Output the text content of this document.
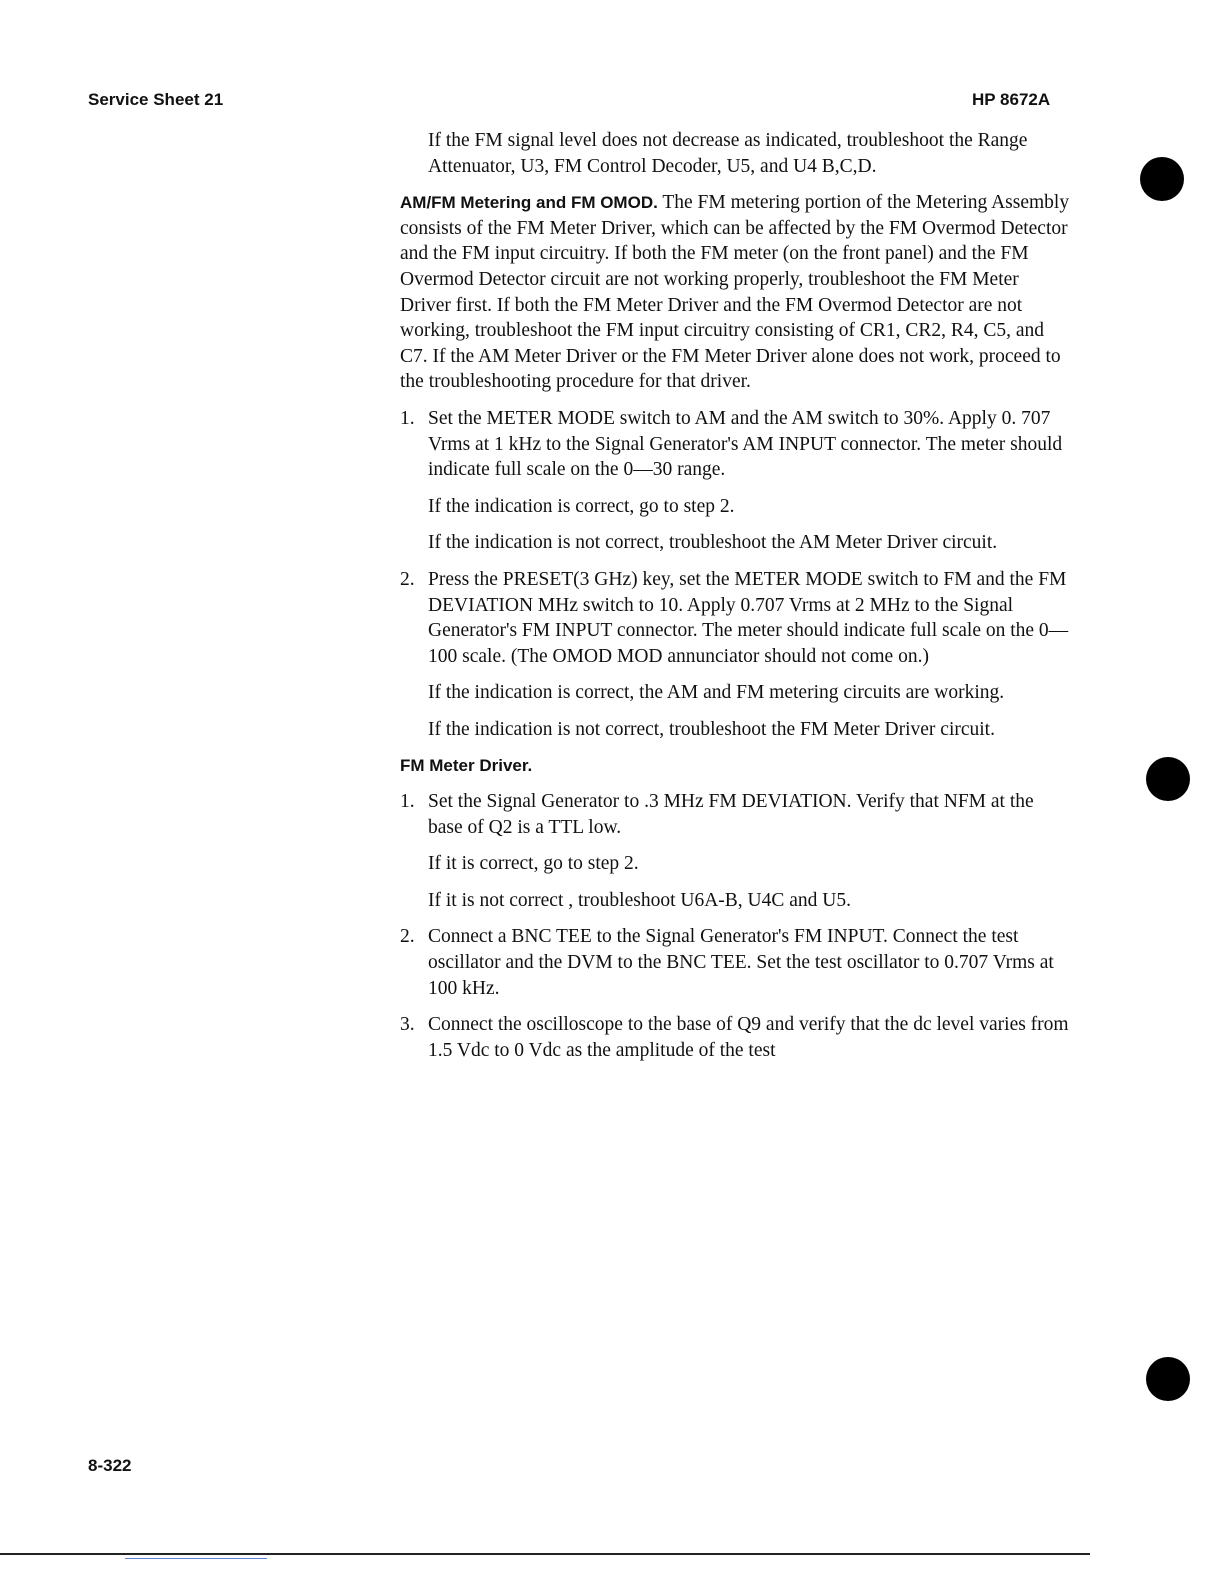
Service Sheet 21	HP 8672A

If the FM signal level does not decrease as indicated, troubleshoot the Range Attenuator, U3, FM Control Decoder, U5, and U4 B,C,D.

AM/FM Metering and FM OMOD. The FM metering portion of the Metering Assembly consists of the FM Meter Driver, which can be affected by the FM Overmod Detector and the FM input circuitry. If both the FM meter (on the front panel) and the FM Overmod Detector circuit are not working properly, troubleshoot the FM Meter Driver first. If both the FM Meter Driver and the FM Overmod Detector are not working, troubleshoot the FM input circuitry consisting of CR1, CR2, R4, C5, and C7. If the AM Meter Driver or the FM Meter Driver alone does not work, proceed to the troubleshooting procedure for that driver.

1. Set the METER MODE switch to AM and the AM switch to 30%. Apply 0. 707 Vrms at 1 kHz to the Signal Generator's AM INPUT connector. The meter should indicate full scale on the 0—30 range.

If the indication is correct, go to step 2.

If the indication is not correct, troubleshoot the AM Meter Driver circuit.

2. Press the PRESET(3 GHz) key, set the METER MODE switch to FM and the FM DEVIATION MHz switch to 10. Apply 0.707 Vrms at 2 MHz to the Signal Generator's FM INPUT connector. The meter should indicate full scale on the 0—100 scale. (The OMOD MOD annunciator should not come on.)

If the indication is correct, the AM and FM metering circuits are working.

If the indication is not correct, troubleshoot the FM Meter Driver circuit.

FM Meter Driver.
1. Set the Signal Generator to .3 MHz FM DEVIATION. Verify that NFM at the base of Q2 is a TTL low.

If it is correct, go to step 2.

If it is not correct , troubleshoot U6A-B, U4C and U5.

2. Connect a BNC TEE to the Signal Generator's FM INPUT. Connect the test oscillator and the DVM to the BNC TEE. Set the test oscillator to 0.707 Vrms at 100 kHz.
3. Connect the oscilloscope to the base of Q9 and verify that the dc level varies from 1.5 Vdc to 0 Vdc as the amplitude of the test
8-322
